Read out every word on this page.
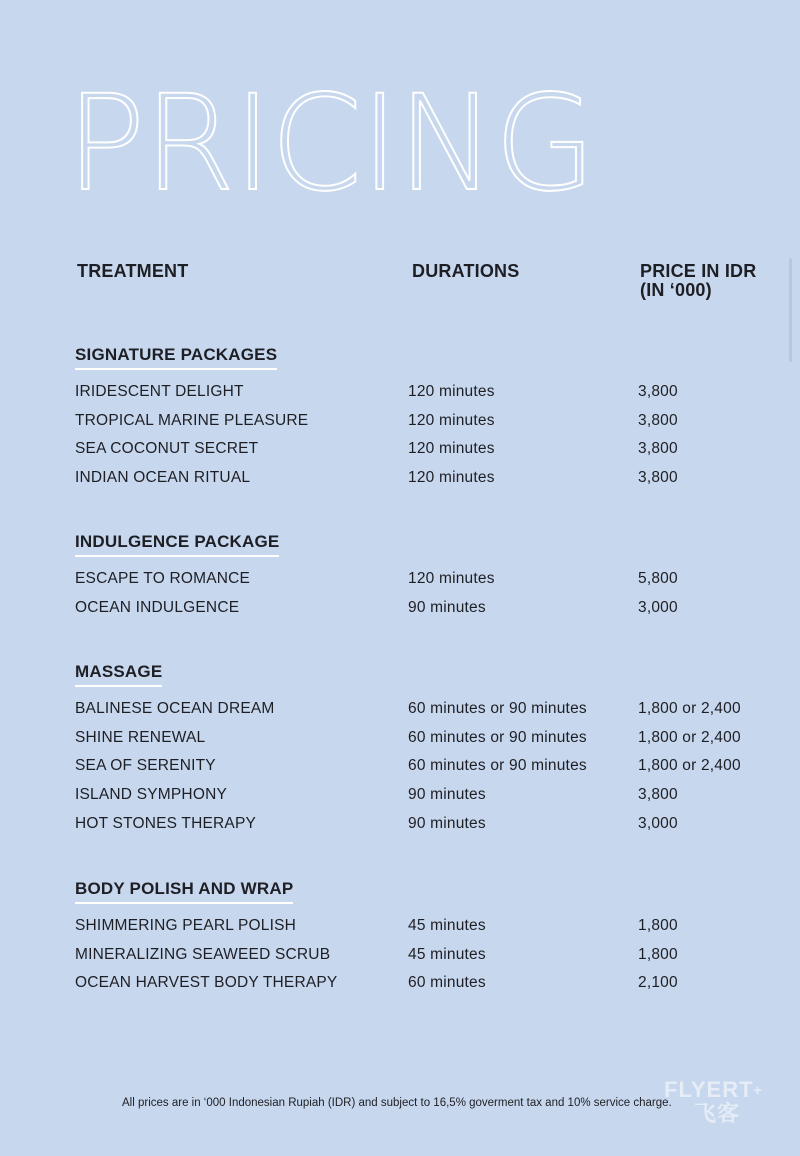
PRICING
TREATMENT	DURATIONS	PRICE IN IDR
(IN ‘000)
SIGNATURE PACKAGES
IRIDESCENT DELIGHT	120 minutes	3,800
TROPICAL MARINE PLEASURE	120 minutes	3,800
SEA COCONUT SECRET	120 minutes	3,800
INDIAN OCEAN RITUAL	120 minutes	3,800
INDULGENCE PACKAGE
ESCAPE TO ROMANCE	120 minutes	5,800
OCEAN INDULGENCE	90 minutes	3,000
MASSAGE
BALINESE OCEAN DREAM	60 minutes or 90 minutes	1,800 or 2,400
SHINE RENEWAL	60 minutes or 90 minutes	1,800 or 2,400
SEA OF SERENITY	60 minutes or 90 minutes	1,800 or 2,400
ISLAND SYMPHONY	90 minutes	3,800
HOT STONES THERAPY	90 minutes	3,000
BODY POLISH AND WRAP
SHIMMERING PEARL POLISH	45 minutes	1,800
MINERALIZING SEAWEED SCRUB	45 minutes	1,800
OCEAN HARVEST BODY THERAPY	60 minutes	2,100
All prices are in ‘000 Indonesian Rupiah (IDR) and subject to 16,5% goverment tax and 10% service charge.
FLYERT+
飞客
